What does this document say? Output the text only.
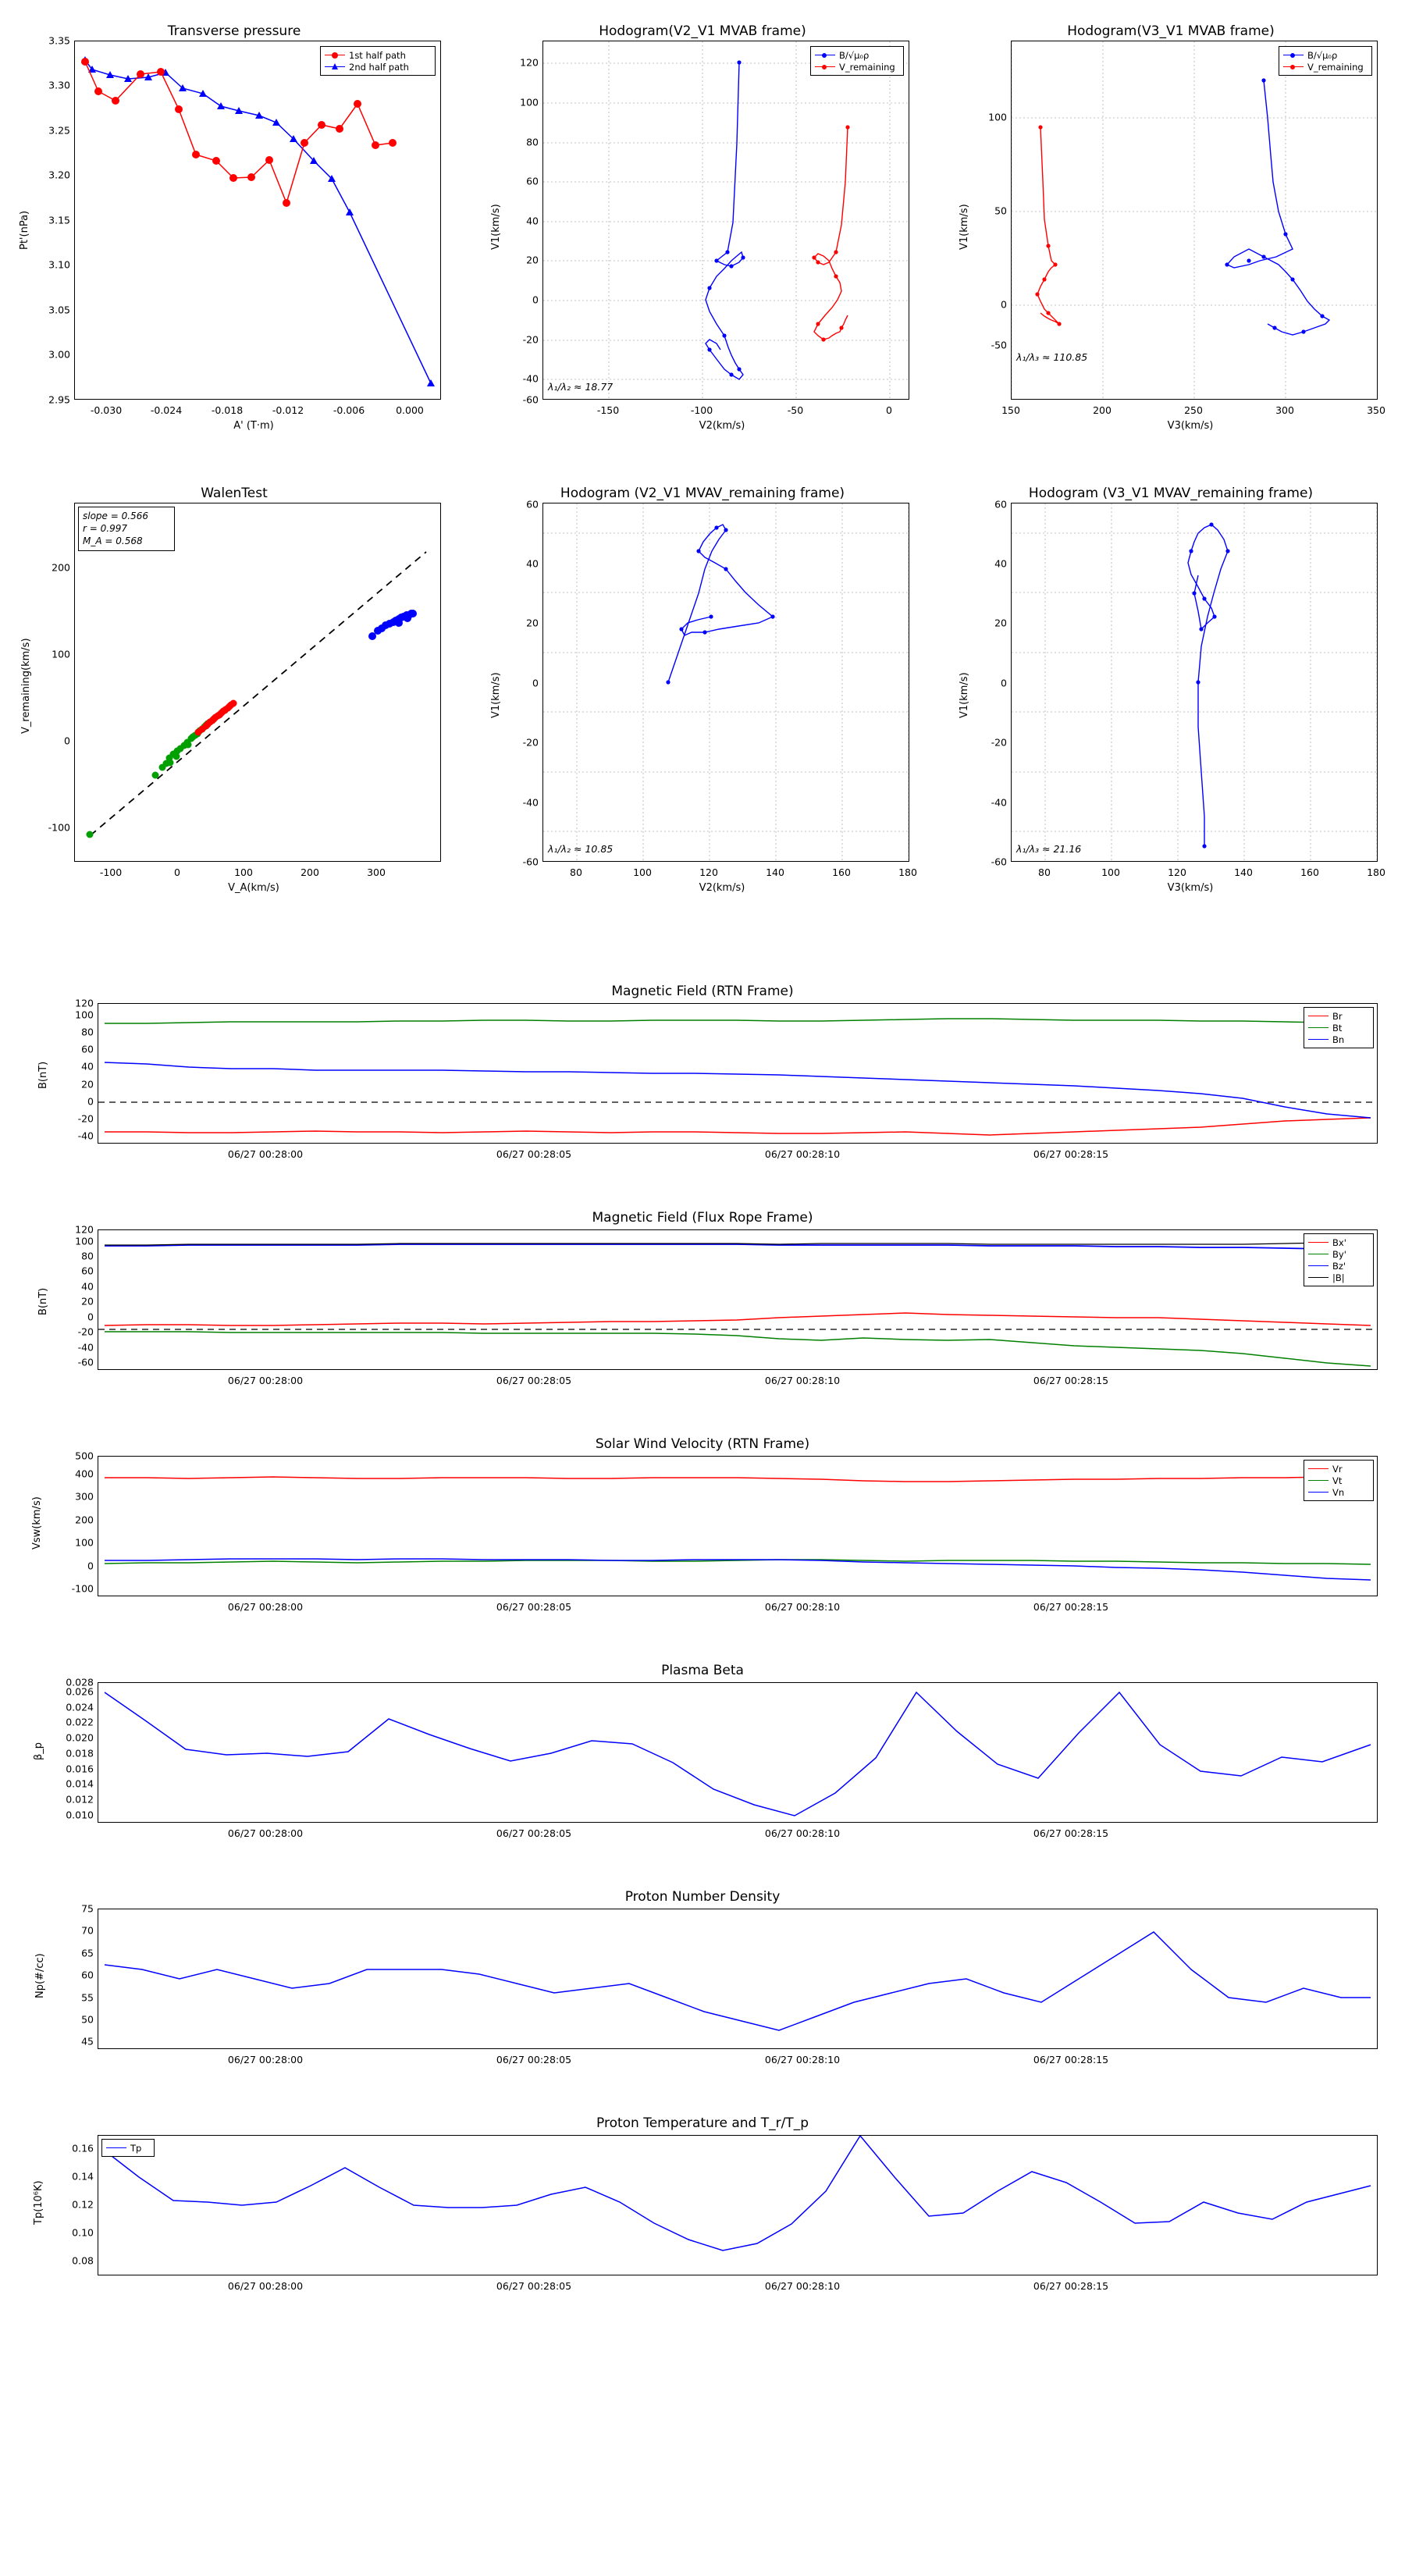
Transverse pressure
1st half path
2nd half path
2.95
3.00
3.05
3.10
3.15
3.20
3.25
3.30
3.35
-0.030	-0.024	-0.018	-0.012	-0.006	0.000
A' (T·m)
Pt'(nPa)
Hodogram(V2_V1 MVAB frame)
B/√μ₀ρ
V_remaining
λ₁/λ₂ ≈ 18.77
-60
-40
-20
0
20
40
60
80
100
120
-150	-100	-50	0
V2(km/s)
V1(km/s)
Hodogram(V3_V1 MVAB frame)
B/√μ₀ρ
V_remaining
λ₁/λ₃ ≈ 110.85
-50
0
50
100
150	200	250	300	350
V3(km/s)
V1(km/s)
WalenTest
slope = 0.566
r = 0.997
M_A = 0.568
-100
0
100
200
-100	0	100	200	300
V_A(km/s)
V_remaining(km/s)
Hodogram (V2_V1 MVAV_remaining frame)
λ₁/λ₂ ≈ 10.85
-60
-40
-20
0
20
40
60
80	100	120	140	160	180
V2(km/s)
V1(km/s)
Hodogram (V3_V1 MVAV_remaining frame)
λ₁/λ₃ ≈ 21.16
-60
-40
-20
0
20
40
60
80	100	120	140	160	180
V3(km/s)
V1(km/s)
Magnetic Field (RTN Frame)
Br
Bt
Bn
-40
-20
0
20
40
60
80
100
120
06/27 00:28:00	06/27 00:28:05	06/27 00:28:10	06/27 00:28:15
B(nT)
Magnetic Field (Flux Rope Frame)
Bx'
By'
Bz'
|B|
-60
-40
-20
0
20
40
60
80
100
120
06/27 00:28:00	06/27 00:28:05	06/27 00:28:10	06/27 00:28:15
B(nT)
Solar Wind Velocity (RTN Frame)
Vr
Vt
Vn
-100
0
100
200
300
400
500
06/27 00:28:00	06/27 00:28:05	06/27 00:28:10	06/27 00:28:15
Vsw(km/s)
Plasma Beta
0.010
0.012
0.014
0.016
0.018
0.020
0.022
0.024
0.026
0.028
06/27 00:28:00	06/27 00:28:05	06/27 00:28:10	06/27 00:28:15
β_p
Proton Number Density
45
50
55
60
65
70
75
06/27 00:28:00	06/27 00:28:05	06/27 00:28:10	06/27 00:28:15
Np(#/cc)
Proton Temperature and T_r/T_p
Tp
0.08
0.10
0.12
0.14
0.16
06/27 00:28:00	06/27 00:28:05	06/27 00:28:10	06/27 00:28:15
Tp(10⁶K)
